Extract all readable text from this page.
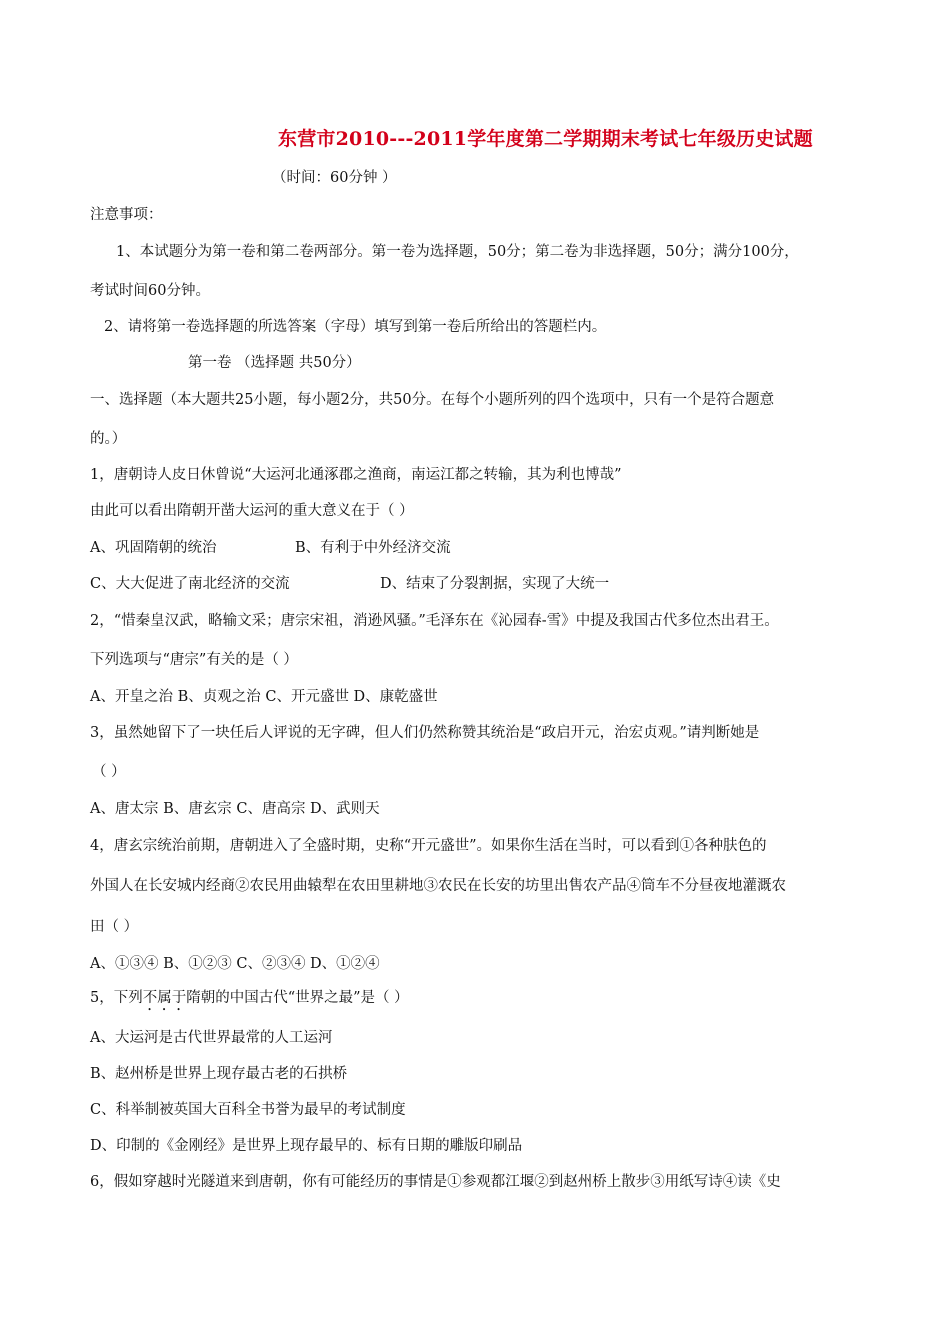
东营市2010---2011学年度第二学期期末考试七年级历史试题
（时间：60分钟 ）
注意事项：
1、本试题分为第一卷和第二卷两部分。第一卷为选择题，50分；第二卷为非选择题，50分；满分100分，
考试时间60分钟。
2、请将第一卷选择题的所选答案（字母）填写到第一卷后所给出的答题栏内。
第一卷 （选择题 共50分）
一、选择题（本大题共25小题，每小题2分，共50分。在每个小题所列的四个选项中，只有一个是符合题意
的。）
1，唐朝诗人皮日休曾说“大运河北通涿郡之渔商，南运江都之转输，其为利也博哉”
由此可以看出隋朝开凿大运河的重大意义在于（ ）
A、巩固隋朝的统治	B、有利于中外经济交流
C、大大促进了南北经济的交流	D、结束了分裂割据，实现了大统一
2，“惜秦皇汉武，略输文采；唐宗宋祖，消逊风骚。”毛泽东在《沁园春-雪》中提及我国古代多位杰出君王。
下列选项与“唐宗”有关的是（ ）
A、开皇之治 B、贞观之治 C、开元盛世 D、康乾盛世
3，虽然她留下了一块任后人评说的无字碑，但人们仍然称赞其统治是“政启开元，治宏贞观。”请判断她是
（ ）
A、唐太宗 B、唐玄宗 C、唐高宗 D、武则天
4，唐玄宗统治前期，唐朝进入了全盛时期，史称“开元盛世”。如果你生活在当时，可以看到①各种肤色的
外国人在长安城内经商②农民用曲辕犁在农田里耕地③农民在长安的坊里出售农产品④筒车不分昼夜地灌溉农
田（ ）
A、①③④ B、①②③ C、②③④ D、①②④
5，下列不属于隋朝的中国古代“世界之最”是（ ）
A、大运河是古代世界最常的人工运河
B、赵州桥是世界上现存最古老的石拱桥
C、科举制被英国大百科全书誉为最早的考试制度
D、印制的《金刚经》是世界上现存最早的、标有日期的雕版印刷品
6，假如穿越时光隧道来到唐朝，你有可能经历的事情是①参观都江堰②到赵州桥上散步③用纸写诗④读《史
